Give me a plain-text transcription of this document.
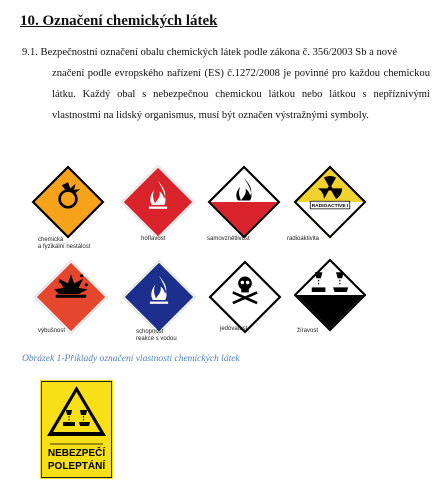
10. Označení chemických látek
9.1. Bezpečnostní označení obalu chemických látek podle zákona č. 356/2003 Sb a nové
značení podle evropského nařízení (ES) č.1272/2008 je povinné pro každou chemickou látku. Každý obal s nebezpečnou chemickou látkou nebo látkou s nepříznivými vlastnostmi na lidský organismus, musí být označen výstražnými symboly.
chemická
a fyzikální nestálost
hořlavost	samovznětlivost
RADIOACTIVE I
radioaktivita
výbušnost	schopnost
reakce s vodou
jedovatost	žíravost
Obrázek 1-Příklady označení vlastností chemických látek
NEBEZPEČÍ
POLEPTÁNÍ
